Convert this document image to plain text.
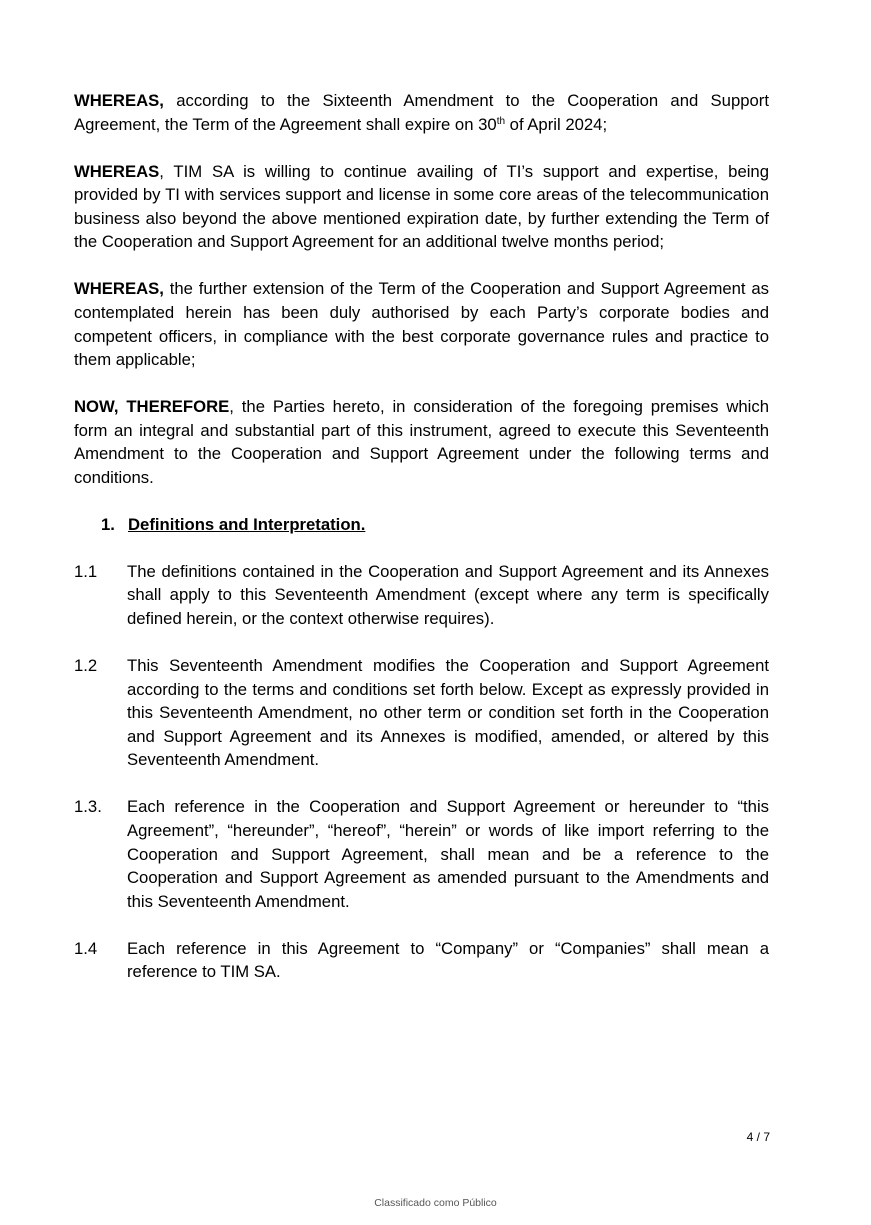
WHEREAS, according to the Sixteenth Amendment to the Cooperation and Support Agreement, the Term of the Agreement shall expire on 30th of April 2024;

WHEREAS, TIM SA is willing to continue availing of TI’s support and expertise, being provided by TI with services support and license in some core areas of the telecommunication business also beyond the above mentioned expiration date, by further extending the Term of the Cooperation and Support Agreement for an additional twelve months period;

WHEREAS, the further extension of the Term of the Cooperation and Support Agreement as contemplated herein has been duly authorised by each Party’s corporate bodies and competent officers, in compliance with the best corporate governance rules and practice to them applicable;

NOW, THEREFORE, the Parties hereto, in consideration of the foregoing premises which form an integral and substantial part of this instrument, agreed to execute this Seventeenth Amendment to the Cooperation and Support Agreement under the following terms and conditions.

1. Definitions and Interpretation.
1.1	The definitions contained in the Cooperation and Support Agreement and its Annexes shall apply to this Seventeenth Amendment (except where any term is specifically defined herein, or the context otherwise requires).
1.2	This Seventeenth Amendment modifies the Cooperation and Support Agreement according to the terms and conditions set forth below. Except as expressly provided in this Seventeenth Amendment, no other term or condition set forth in the Cooperation and Support Agreement and its Annexes is modified, amended, or altered by this Seventeenth Amendment.
1.3.	Each reference in the Cooperation and Support Agreement or hereunder to “this Agreement”, “hereunder”, “hereof”, “herein” or words of like import referring to the Cooperation and Support Agreement, shall mean and be a reference to the Cooperation and Support Agreement as amended pursuant to the Amendments and this Seventeenth Amendment.
1.4	Each reference in this Agreement to “Company” or “Companies” shall mean a reference to TIM SA.
4 / 7
Classificado como Público
